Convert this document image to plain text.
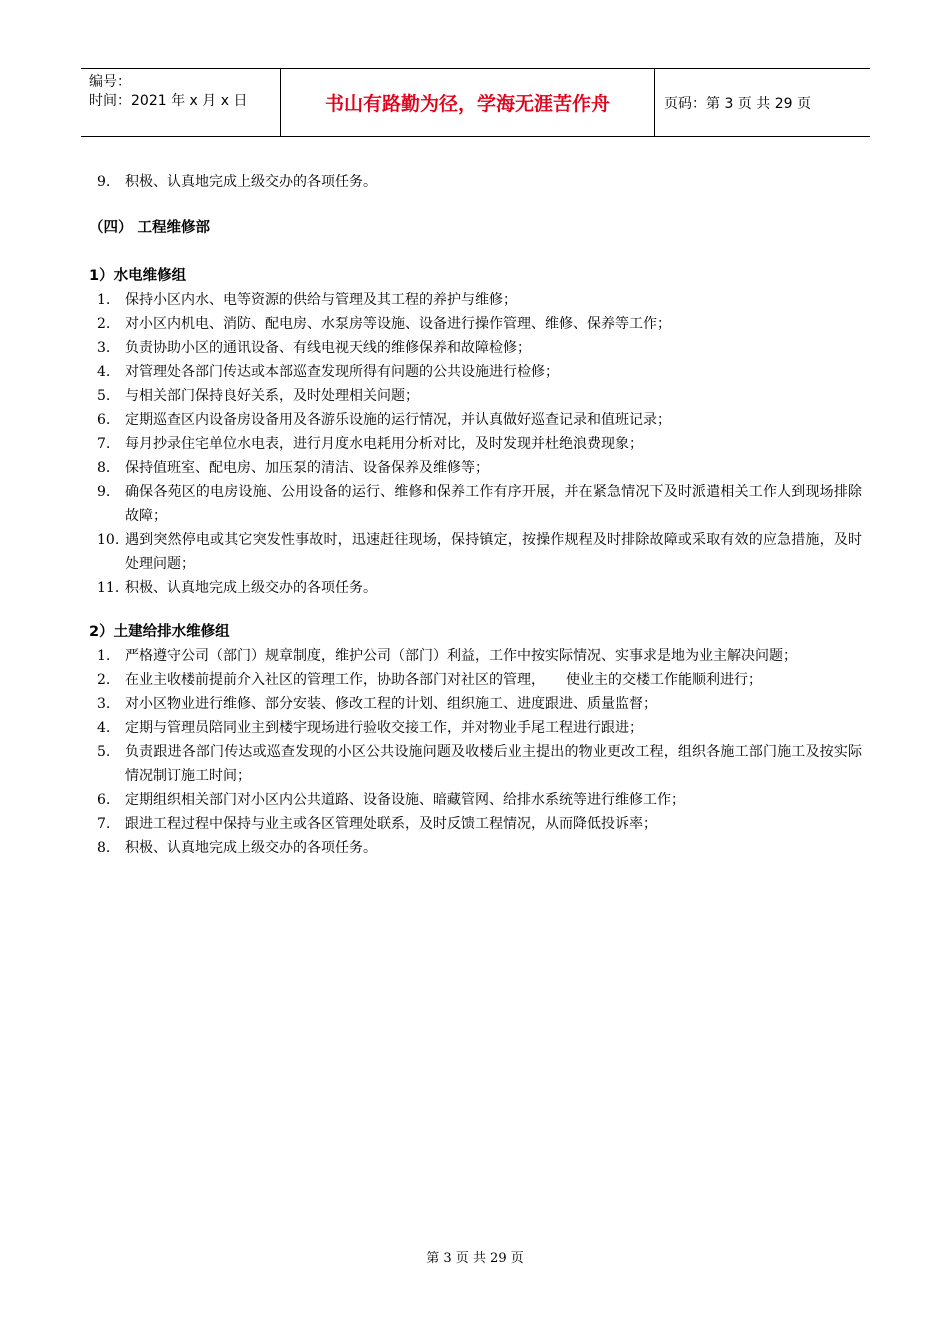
编号：
时间：2021 年 x 月 x 日	书山有路勤为径，学海无涯苦作舟	页码：第 3 页 共 29 页
9.	积极、认真地完成上级交办的各项任务。
（四） 工程维修部
1）水电维修组
1.	保持小区内水、电等资源的供给与管理及其工程的养护与维修；
2.	对小区内机电、消防、配电房、水泵房等设施、设备进行操作管理、维修、保养等工作；
3.	负责协助小区的通讯设备、有线电视天线的维修保养和故障检修；
4.	对管理处各部门传达或本部巡查发现所得有问题的公共设施进行检修；
5.	与相关部门保持良好关系，及时处理相关问题；
6.	定期巡查区内设备房设备用及各游乐设施的运行情况，并认真做好巡查记录和值班记录；
7.	每月抄录住宅单位水电表，进行月度水电耗用分析对比，及时发现并杜绝浪费现象；
8.	保持值班室、配电房、加压泵的清洁、设备保养及维修等；
9.	确保各苑区的电房设施、公用设备的运行、维修和保养工作有序开展，并在紧急情况下及时派遣相关工作人到现场排除故障；
10. 遇到突然停电或其它突发性事故时，迅速赶往现场，保持镇定，按操作规程及时排除故障或采取有效的应急措施，及时处理问题；
11. 积极、认真地完成上级交办的各项任务。
2）土建给排水维修组
1.	严格遵守公司（部门）规章制度，维护公司（部门）利益，工作中按实际情况、实事求是地为业主解决问题；
2.	在业主收楼前提前介入社区的管理工作，协助各部门对社区的管理，　　使业主的交楼工作能顺利进行；
3.	对小区物业进行维修、部分安装、修改工程的计划、组织施工、进度跟进、质量监督；
4.	定期与管理员陪同业主到楼宇现场进行验收交接工作，并对物业手尾工程进行跟进；
5.	负责跟进各部门传达或巡查发现的小区公共设施问题及收楼后业主提出的物业更改工程，组织各施工部门施工及按实际情况制订施工时间；
6.	定期组织相关部门对小区内公共道路、设备设施、暗藏管网、给排水系统等进行维修工作；
7.	跟进工程过程中保持与业主或各区管理处联系，及时反馈工程情况，从而降低投诉率；
8.	积极、认真地完成上级交办的各项任务。
第 3 页 共 29 页
